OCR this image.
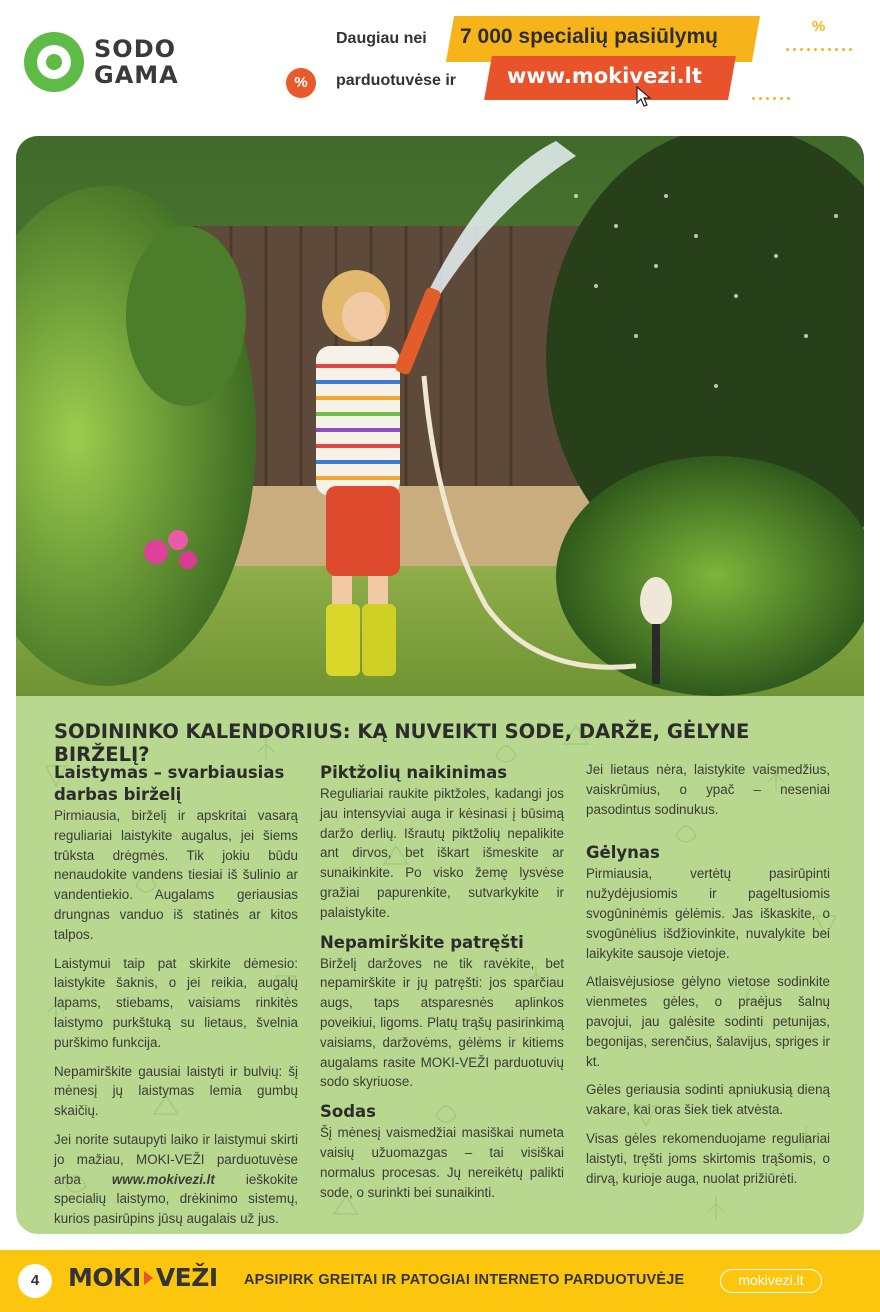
SODO
GAMA
Daugiau nei 7 000 specialių pasiūlymų
%	parduotuvėse ir www.mokivezi.lt
%
SODININKO KALENDORIUS: KĄ NUVEIKTI SODE, DARŽE, GĖLYNE BIRŽELĮ?
Laistymas – svarbiausias darbas birželį

Pirmiausia, birželį ir apskritai vasarą reguliariai laistykite augalus, jei šiems trūksta drėgmės. Tik jokiu būdu nenaudokite vandens tiesiai iš šulinio ar vandentiekio. Augalams geriausias drungnas vanduo iš statinės ar kitos talpos.

Laistymui taip pat skirkite dėmesio: laistykite šaknis, o jei reikia, augalų lapams, stiebams, vaisiams rinkitės laistymo purkštuką su lietaus, švelnia purškimo funkcija.

Nepamirškite gausiai laistyti ir bulvių: šį mėnesį jų laistymas lemia gumbų skaičių.

Jei norite sutaupyti laiko ir laistymui skirti jo mažiau, MOKI-VEŽI parduotuvėse arba www.mokivezi.lt ieškokite specialių laistymo, drėkinimo sistemų, kurios pasirūpins jūsų augalais už jus.

Piktžolių naikinimas

Reguliariai raukite piktžoles, kadangi jos jau intensyviai auga ir kėsinasi į būsimą daržo derlių. Išrautų piktžolių nepalikite ant dirvos, bet iškart išmeskite ar sunaikinkite. Po visko žemę lysvėse gražiai papurenkite, sutvarkykite ir palaistykite.

Nepamirškite patręšti

Birželį daržoves ne tik ravėkite, bet nepamirškite ir jų patręšti: jos sparčiau augs, taps atsparesnės aplinkos poveikiui, ligoms. Platų trąšų pasirinkimą vaisiams, daržovėms, gėlėms ir kitiems augalams rasite MOKI-VEŽI parduotuvių sodo skyriuose.

Sodas

Šį mėnesį vaismedžiai masiškai numeta vaisių užuomazgas – tai visiškai normalus procesas. Jų nereikėtų palikti sode, o surinkti bei sunaikinti.

Jei lietaus nėra, laistykite vaismedžius, vaiskrūmius, o ypač – neseniai pasodintus sodinukus.

Gėlynas

Pirmiausia, vertėtų pasirūpinti nužydėjusiomis ir pageltusiomis svogūninėmis gėlėmis. Jas iškaskite, o svogūnėlius išdžiovinkite, nuvalykite bei laikykite sausoje vietoje.

Atlaisvėjusiose gėlyno vietose sodinkite vienmetes gėles, o praėjus šalnų pavojui, jau galėsite sodinti petunijas, begonijas, serenčius, šalavijus, spriges ir kt.

Gėles geriausia sodinti apniukusią dieną vakare, kai oras šiek tiek atvėsta.

Visas gėles rekomenduojame reguliariai laistyti, tręšti joms skirtomis trąšomis, o dirvą, kurioje auga, nuolat prižiūrėti.

4	MOKI VEŽI APSIPIRK GREITAI IR PATOGIAI INTERNETO PARDUOTUVĖJE	mokivezi.lt
